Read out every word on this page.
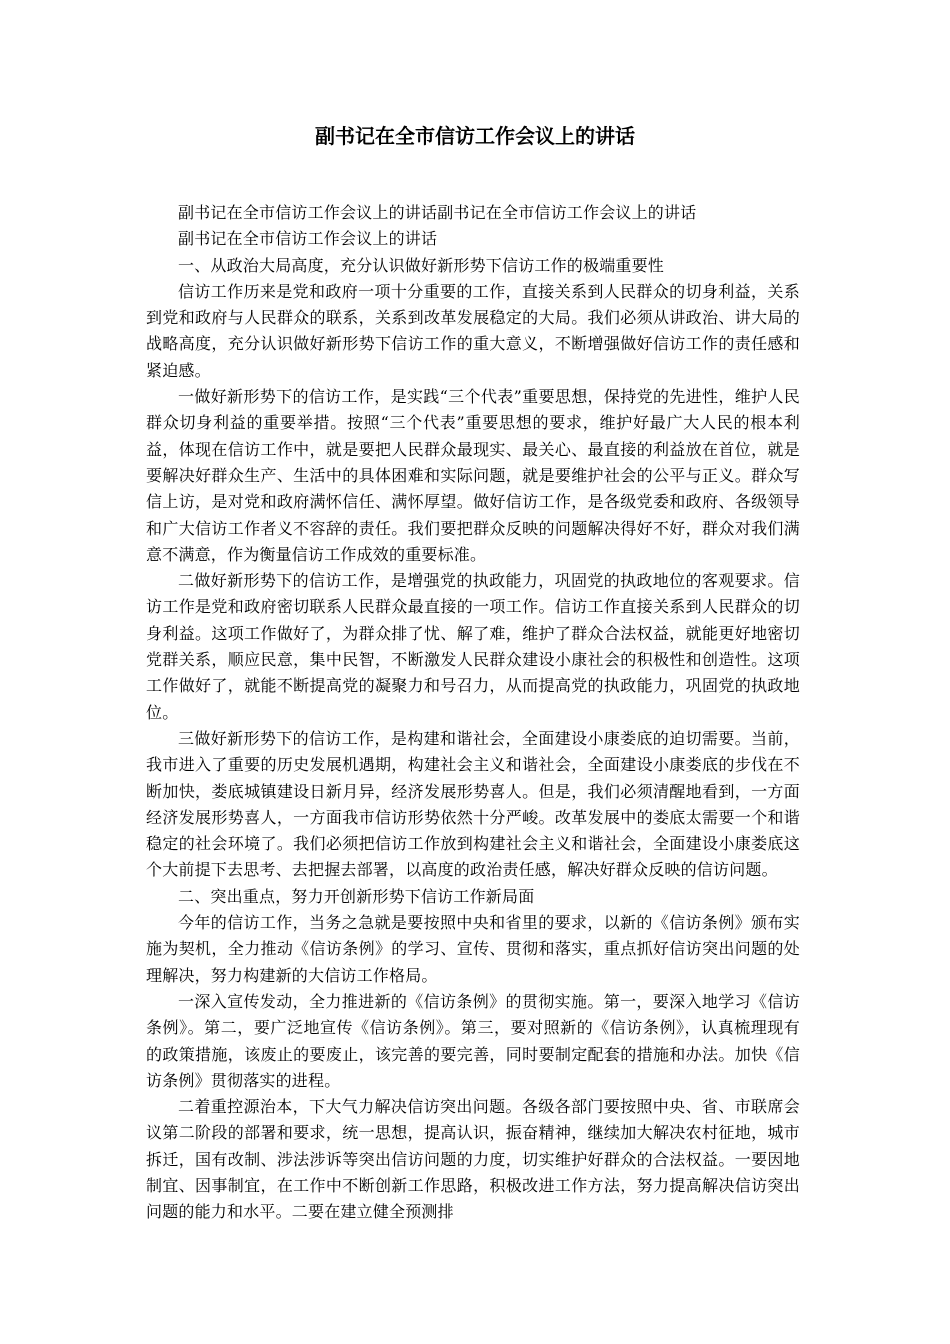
副书记在全市信访工作会议上的讲话

副书记在全市信访工作会议上的讲话副书记在全市信访工作会议上的讲话

副书记在全市信访工作会议上的讲话

一、从政治大局高度，充分认识做好新形势下信访工作的极端重要性

信访工作历来是党和政府一项十分重要的工作，直接关系到人民群众的切身利益，关系到党和政府与人民群众的联系，关系到改革发展稳定的大局。我们必须从讲政治、讲大局的战略高度，充分认识做好新形势下信访工作的重大意义，不断增强做好信访工作的责任感和紧迫感。

一做好新形势下的信访工作，是实践“三个代表”重要思想，保持党的先进性，维护人民群众切身利益的重要举措。按照“三个代表”重要思想的要求，维护好最广大人民的根本利益，体现在信访工作中，就是要把人民群众最现实、最关心、最直接的利益放在首位，就是要解决好群众生产、生活中的具体困难和实际问题，就是要维护社会的公平与正义。群众写信上访，是对党和政府满怀信任、满怀厚望。做好信访工作，是各级党委和政府、各级领导和广大信访工作者义不容辞的责任。我们要把群众反映的问题解决得好不好，群众对我们满意不满意，作为衡量信访工作成效的重要标准。

二做好新形势下的信访工作，是增强党的执政能力，巩固党的执政地位的客观要求。信访工作是党和政府密切联系人民群众最直接的一项工作。信访工作直接关系到人民群众的切身利益。这项工作做好了，为群众排了忧、解了难，维护了群众合法权益，就能更好地密切党群关系，顺应民意，集中民智，不断激发人民群众建设小康社会的积极性和创造性。这项工作做好了，就能不断提高党的凝聚力和号召力，从而提高党的执政能力，巩固党的执政地位。

三做好新形势下的信访工作，是构建和谐社会，全面建设小康娄底的迫切需要。当前，我市进入了重要的历史发展机遇期，构建社会主义和谐社会，全面建设小康娄底的步伐在不断加快，娄底城镇建设日新月异，经济发展形势喜人。但是，我们必须清醒地看到，一方面经济发展形势喜人，一方面我市信访形势依然十分严峻。改革发展中的娄底太需要一个和谐稳定的社会环境了。我们必须把信访工作放到构建社会主义和谐社会，全面建设小康娄底这个大前提下去思考、去把握去部署，以高度的政治责任感，解决好群众反映的信访问题。

二、突出重点，努力开创新形势下信访工作新局面

今年的信访工作，当务之急就是要按照中央和省里的要求，以新的《信访条例》颁布实施为契机，全力推动《信访条例》的学习、宣传、贯彻和落实，重点抓好信访突出问题的处理解决，努力构建新的大信访工作格局。

一深入宣传发动，全力推进新的《信访条例》的贯彻实施。第一，要深入地学习《信访条例》。第二，要广泛地宣传《信访条例》。第三，要对照新的《信访条例》，认真梳理现有的政策措施，该废止的要废止，该完善的要完善，同时要制定配套的措施和办法。加快《信访条例》贯彻落实的进程。

二着重控源治本，下大气力解决信访突出问题。各级各部门要按照中央、省、市联席会议第二阶段的部署和要求，统一思想，提高认识，振奋精神，继续加大解决农村征地，城市拆迁，国有改制、涉法涉诉等突出信访问题的力度，切实维护好群众的合法权益。一要因地制宜、因事制宜，在工作中不断创新工作思路，积极改进工作方法，努力提高解决信访突出问题的能力和水平。二要在建立健全预测排
